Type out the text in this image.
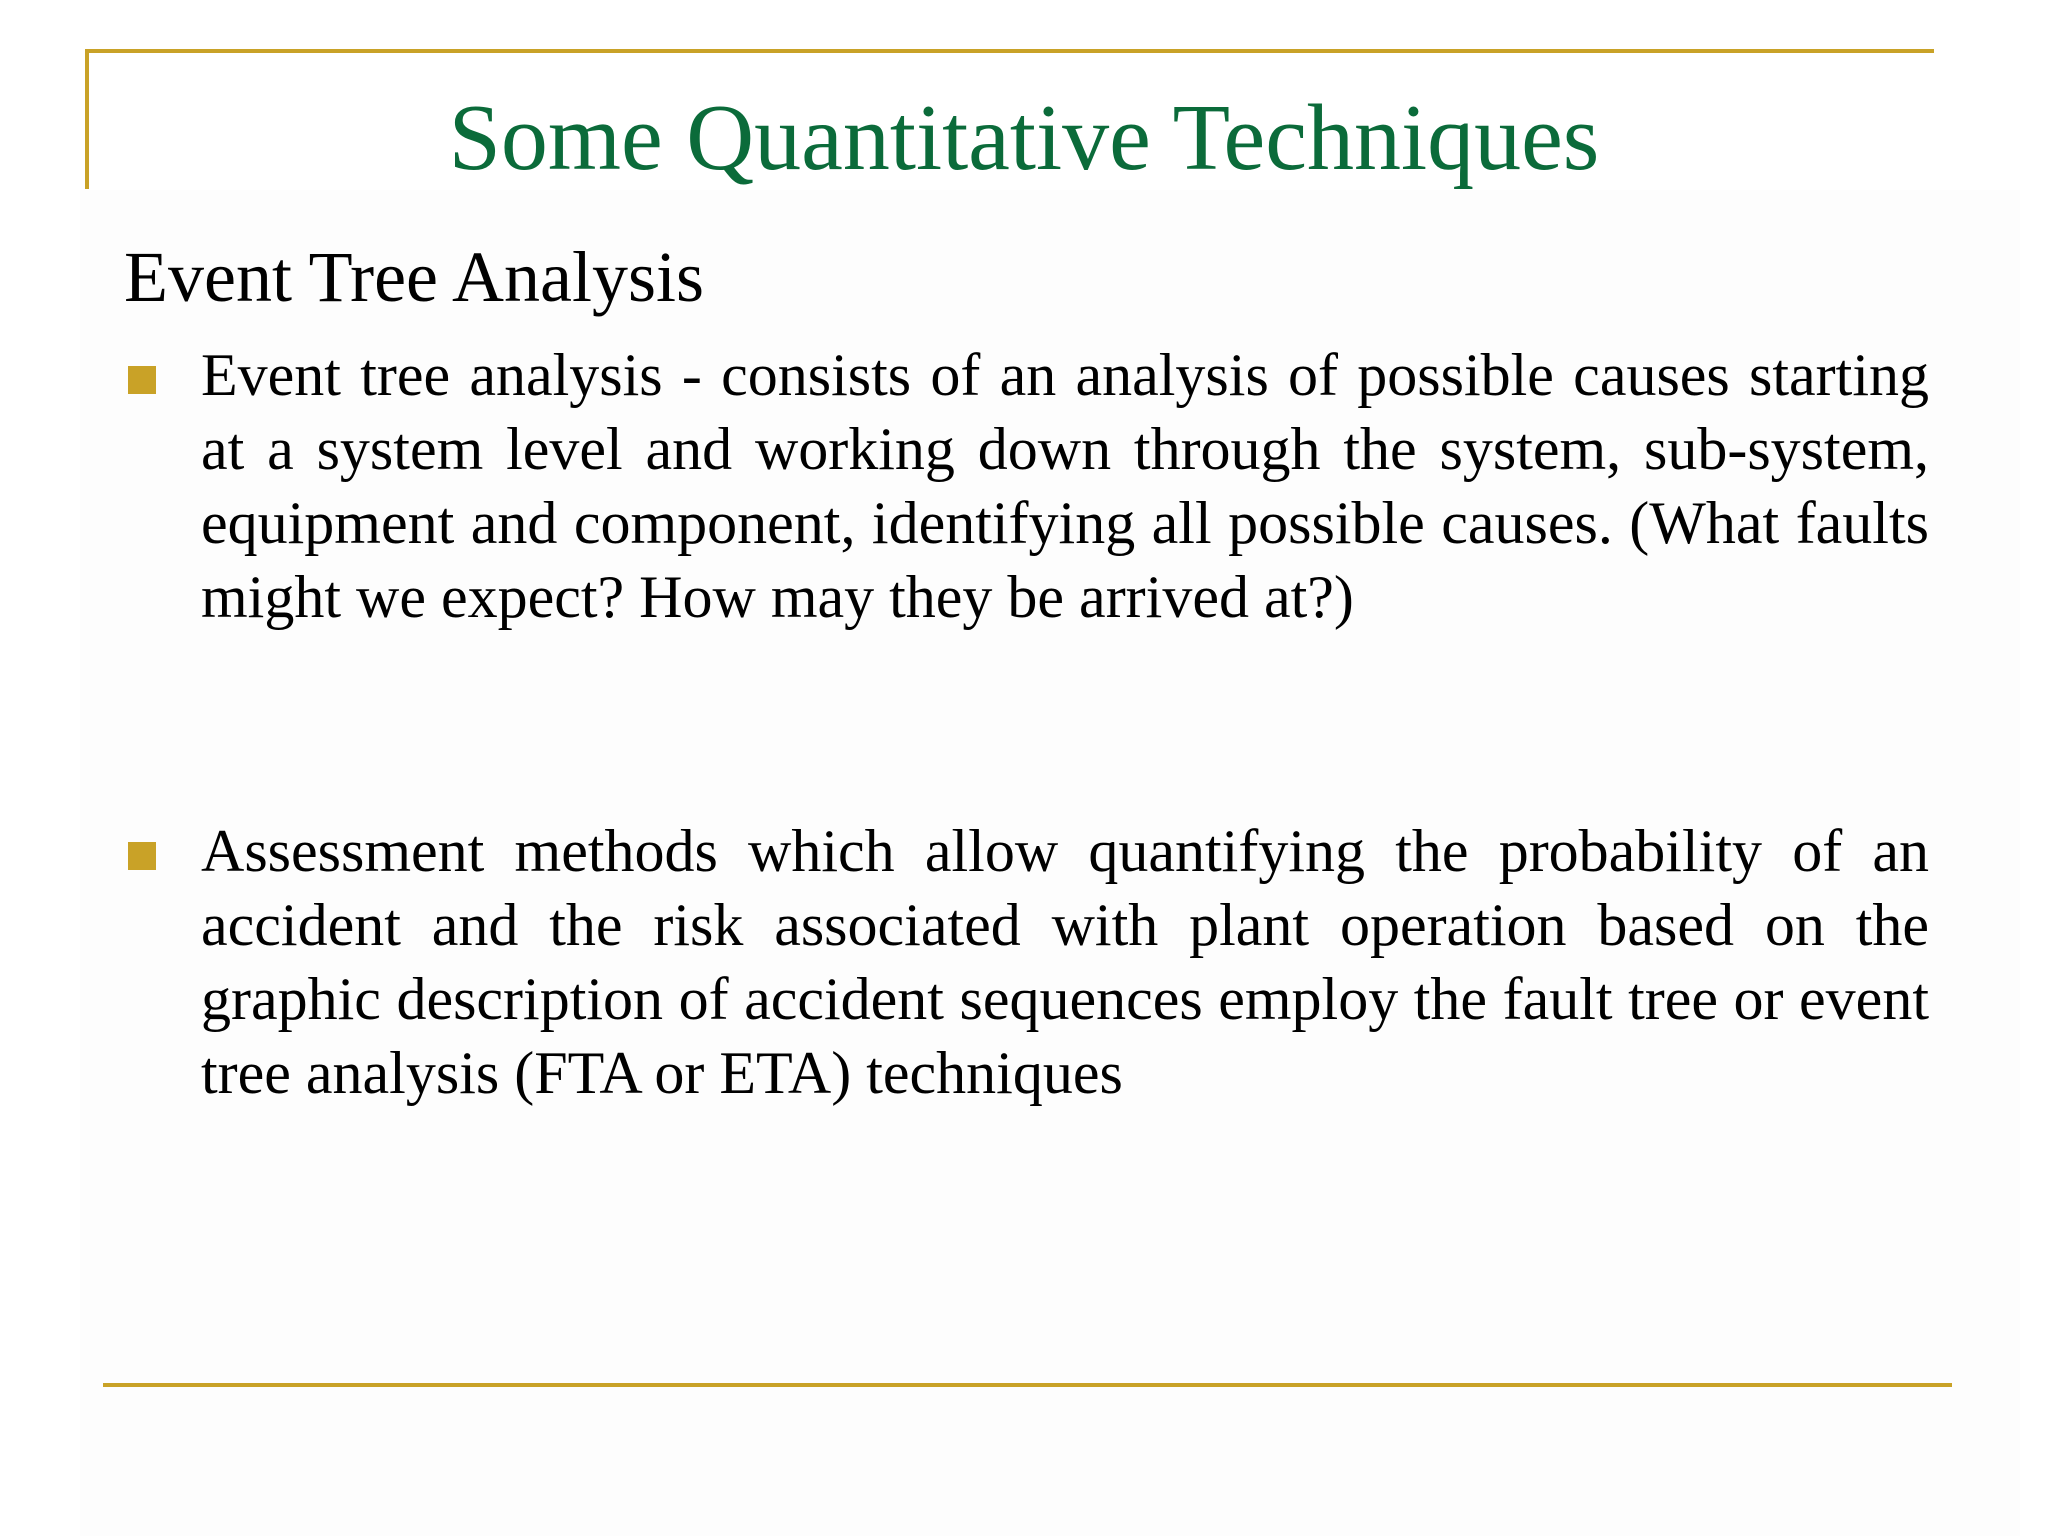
Some Quantitative Techniques
Event Tree Analysis

Event tree analysis - consists of an analysis of possible causes starting at a system level and working down through the system, sub-system, equipment and component, identifying all possible causes. (What faults might we expect? How may they be arrived at?)

Assessment methods which allow quantifying the probability of an accident and the risk associated with plant operation based on the graphic description of accident sequences employ the fault tree or event tree analysis (FTA or ETA) techniques
